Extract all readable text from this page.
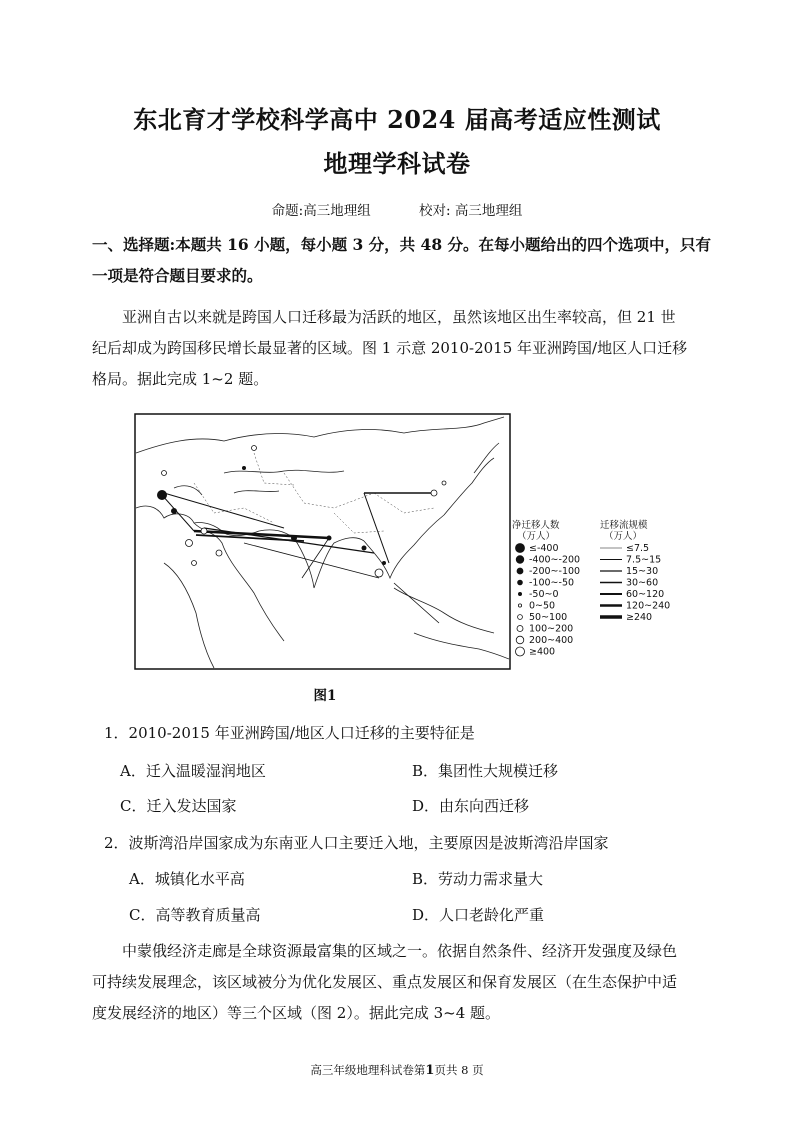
东北育才学校科学高中 2024 届高考适应性测试
地理学科试卷
命题:高三地理组	校对: 高三地理组
一、选择题:本题共 16 小题，每小题 3 分，共 48 分。在每小题给出的四个选项中，只有
一项是符合题目要求的。
亚洲自古以来就是跨国人口迁移最为活跃的地区，虽然该地区出生率较高，但 21 世
纪后却成为跨国移民增长最显著的区域。图 1 示意 2010-2015 年亚洲跨国/地区人口迁移
格局。据此完成 1~2 题。
净迁移人数
（万人）
≤-400
-400~-200
-200~-100
-100~-50
-50~0
0~50
50~100
100~200
200~400
≥400
迁移流规模
（万人）
≤7.5
7.5~15
15~30
30~60
60~120
120~240
≥240
图1
1．2010-2015 年亚洲跨国/地区人口迁移的主要特征是
A．迁入温暖湿润地区	B．集团性大规模迁移
C．迁入发达国家	D．由东向西迁移
2．波斯湾沿岸国家成为东南亚人口主要迁入地，主要原因是波斯湾沿岸国家
A．城镇化水平高	B．劳动力需求量大
C．高等教育质量高	D．人口老龄化严重
中蒙俄经济走廊是全球资源最富集的区域之一。依据自然条件、经济开发强度及绿色
可持续发展理念，该区域被分为优化发展区、重点发展区和保育发展区（在生态保护中适
度发展经济的地区）等三个区域（图 2）。据此完成 3~4 题。
高三年级地理科试卷第1页共 8 页
